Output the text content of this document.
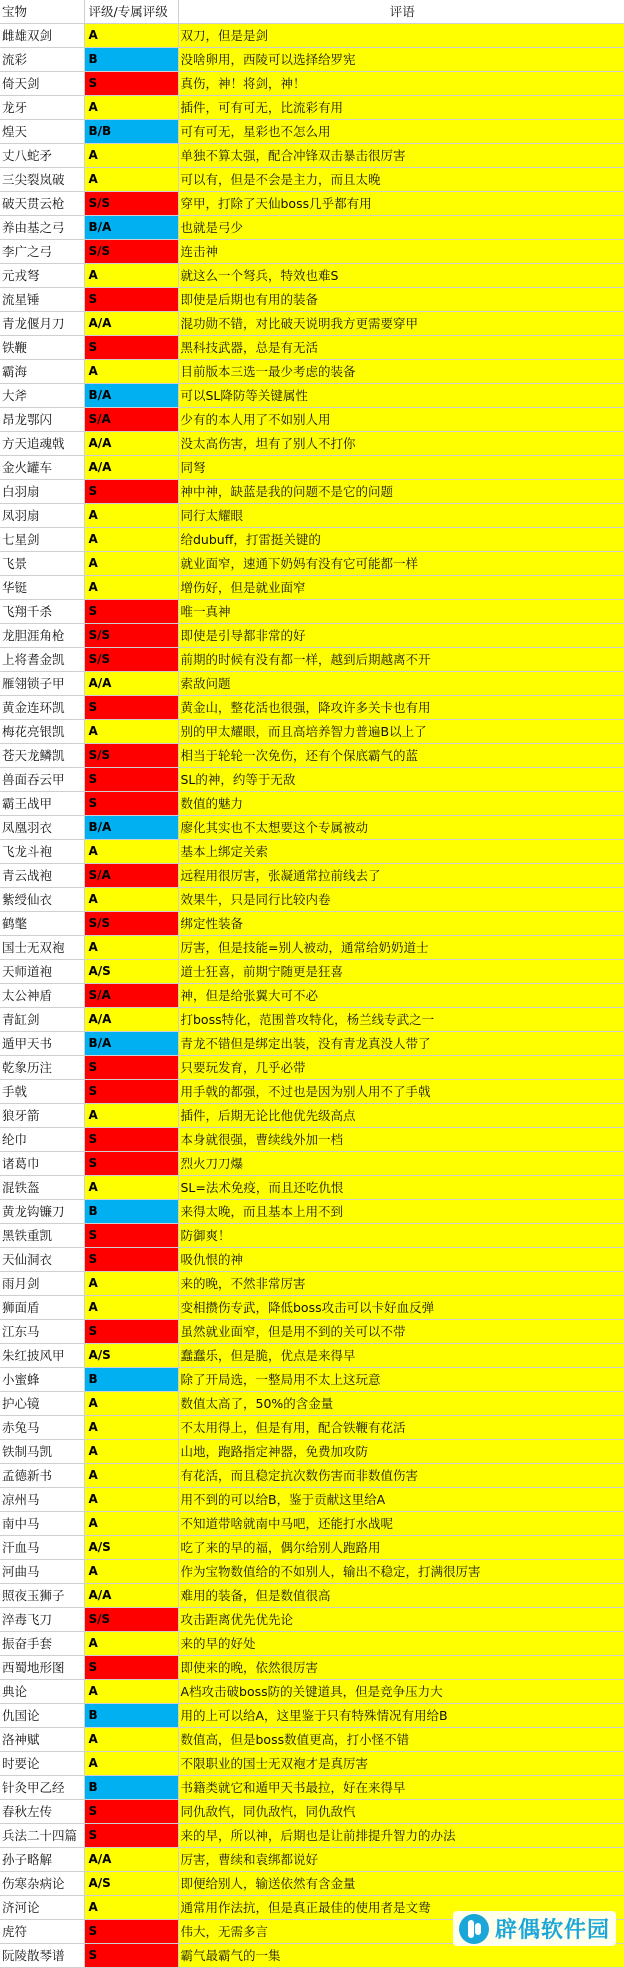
宝物	评级/专属评级	评语
雌雄双剑	A	双刀，但是是剑
流彩	B	没啥卵用，西陵可以选择给罗宪
倚天剑	S	真伤，神！将剑，神！
龙牙	A	插件，可有可无，比流彩有用
煌天	B/B	可有可无，星彩也不怎么用
丈八蛇矛	A	单独不算太强，配合冲锋双击暴击很厉害
三尖裂岚破	A	可以有，但是不会是主力，而且太晚
破天贯云枪	S/S	穿甲，打除了天仙boss几乎都有用
养由基之弓	B/A	也就是弓少
李广之弓	S/S	连击神
元戎弩	A	就这么一个弩兵，特效也难S
流星锤	S	即使是后期也有用的装备
青龙偃月刀	A/A	混功勋不错，对比破天说明我方更需要穿甲
铁鞭	S	黑科技武器，总是有无活
霸海	A	目前版本三选一最少考虑的装备
大斧	B/A	可以SL降防等关键属性
昂龙鄂闪	S/A	少有的本人用了不如别人用
方天追魂戟	A/A	没太高伤害，坦有了别人不打你
金火罐车	A/A	同弩
白羽扇	S	神中神，缺蓝是我的问题不是它的问题
凤羽扇	A	同行太耀眼
七星剑	A	给dubuff，打雷挺关键的
飞景	A	就业面窄，速通下奶妈有没有它可能都一样
华铤	A	增伤好，但是就业面窄
飞翔千杀	S	唯一真神
龙胆涯角枪	S/S	即使是引导都非常的好
上将耆金凯	S/S	前期的时候有没有都一样，越到后期越离不开
雁翎锁子甲	A/A	索敌问题
黄金连环凯	S	黄金山，整花活也很强，降攻许多关卡也有用
梅花亮银凯	A	别的甲太耀眼，而且高培养智力普遍B以上了
苍天龙鳞凯	S/S	相当于轮轮一次免伤，还有个保底霸气的蓝
兽面吞云甲	S	SL的神，约等于无敌
霸王战甲	S	数值的魅力
凤凰羽衣	B/A	廖化其实也不太想要这个专属被动
飞龙斗袍	A	基本上绑定关索
青云战袍	S/A	远程用很厉害，张凝通常拉前线去了
紫绶仙衣	A	效果牛，只是同行比较内卷
鹤氅	S/S	绑定性装备
国士无双袍	A	厉害，但是技能=别人被动，通常给奶奶道士
天师道袍	A/S	道士狂喜，前期宁随更是狂喜
太公神盾	S/A	神，但是给张翼大可不必
青缸剑	A/A	打boss特化，范围普攻特化，杨兰线专武之一
遁甲天书	B/A	青龙不错但是绑定出装，没有青龙真没人带了
乾象历注	S	只要玩发育，几乎必带
手戟	S	用手戟的都强，不过也是因为别人用不了手戟
狼牙箭	A	插件，后期无论比他优先级高点
纶巾	S	本身就很强，曹续线外加一档
诸葛巾	S	烈火刀刀爆
混铁盔	A	SL=法术免疫，而且还吃仇恨
黄龙钩镰刀	B	来得太晚，而且基本上用不到
黑铁重凯	S	防御爽！
天仙洞衣	S	吸仇恨的神
雨月剑	A	来的晚，不然非常厉害
狮面盾	A	变相攒伤专武，降低boss攻击可以卡好血反弹
江东马	S	虽然就业面窄，但是用不到的关可以不带
朱红披风甲	A/S	蠢蠢乐，但是脆，优点是来得早
小蜜蜂	B	除了开局选，一整局用不太上这玩意
护心镜	A	数值太高了，50%的含金量
赤兔马	A	不太用得上，但是有用，配合铁鞭有花活
铁制马凯	A	山地，跑路指定神器，免费加攻防
孟德新书	A	有花活，而且稳定抗次数伤害而非数值伤害
凉州马	A	用不到的可以给B，鉴于贡献这里给A
南中马	A	不知道带啥就南中马吧，还能打水战呢
汗血马	A/S	吃了来的早的福，偶尔给别人跑路用
河曲马	A	作为宝物数值给的不如别人，输出不稳定，打满很厉害
照夜玉狮子	A/A	难用的装备，但是数值很高
淬毒飞刀	S/S	攻击距离优先优先论
振奋手套	A	来的早的好处
西蜀地形图	S	即使来的晚，依然很厉害
典论	A	A档攻击破boss防的关键道具，但是竞争压力大
仇国论	B	用的上可以给A，这里鉴于只有特殊情况有用给B
洛神赋	A	数值高，但是boss数值更高，打小怪不错
时要论	A	不限职业的国士无双袍才是真厉害
针灸甲乙经	B	书籍类就它和遁甲天书最拉，好在来得早
春秋左传	S	同仇敌忾，同仇敌忾，同仇敌忾
兵法二十四篇	S	来的早，所以神，后期也是让前排提升智力的办法
孙子略解	A/A	厉害，曹续和袁绑都说好
伤寒杂病论	A/S	即便给别人，输送依然有含金量
济河论	A	通常用作法抗，但是真正最佳的使用者是文鸯
虎符	S	伟大，无需多言
阮陵散琴谱	S	霸气最霸气的一集
辟偶软件园
